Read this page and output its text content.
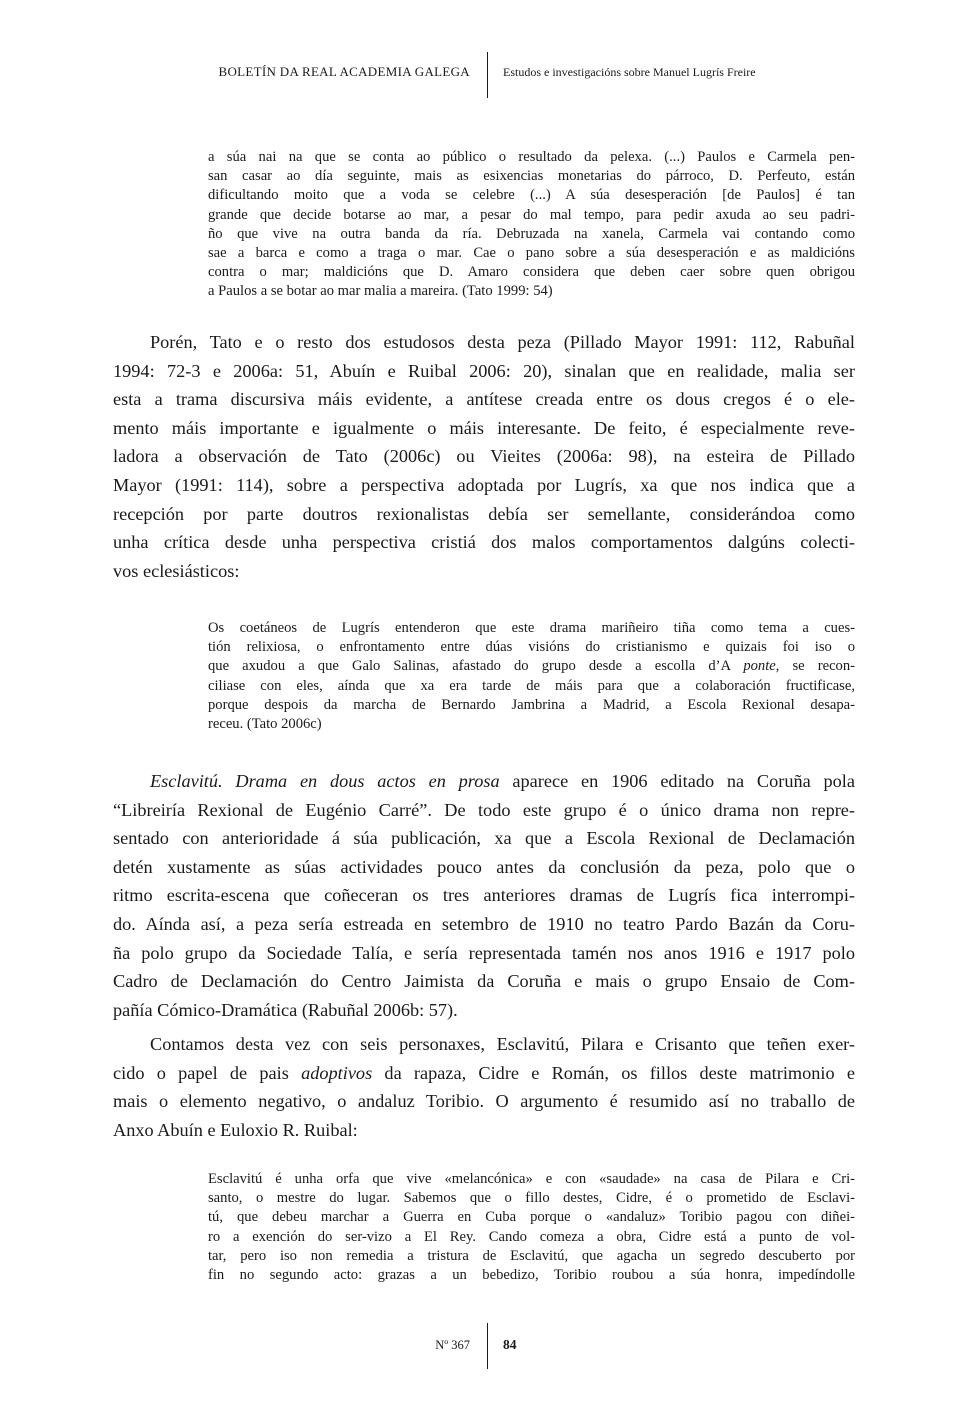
BOLETÍN DA REAL ACADEMIA GALEGA	Estudos e investigacións sobre Manuel Lugrís Freire
a súa nai na que se conta ao público o resultado da pelexa. (...) Paulos e Carmela pen-
san casar ao día seguinte, mais as esixencias monetarias do párroco, D. Perfeuto, están
dificultando moito que a voda se celebre (...) A súa desesperación [de Paulos] é tan
grande que decide botarse ao mar, a pesar do mal tempo, para pedir axuda ao seu padri-
ño que vive na outra banda da ría. Debruzada na xanela, Carmela vai contando como
sae a barca e como a traga o mar. Cae o pano sobre a súa desesperación e as maldicións
contra o mar; maldicións que D. Amaro considera que deben caer sobre quen obrigou
a Paulos a se botar ao mar malia a mareira. (Tato 1999: 54)
Porén, Tato e o resto dos estudosos desta peza (Pillado Mayor 1991: 112, Rabuñal
1994: 72-3 e 2006a: 51, Abuín e Ruibal 2006: 20), sinalan que en realidade, malia ser
esta a trama discursiva máis evidente, a antítese creada entre os dous cregos é o ele-
mento máis importante e igualmente o máis interesante. De feito, é especialmente reve-
ladora a observación de Tato (2006c) ou Vieites (2006a: 98), na esteira de Pillado
Mayor (1991: 114), sobre a perspectiva adoptada por Lugrís, xa que nos indica que a
recepción por parte doutros rexionalistas debía ser semellante, considerándoa como
unha crítica desde unha perspectiva cristiá dos malos comportamentos dalgúns colecti-
vos eclesiásticos:
Os coetáneos de Lugrís entenderon que este drama mariñeiro tiña como tema a cues-
tión relixiosa, o enfrontamento entre dúas visións do cristianismo e quizais foi iso o
que axudou a que Galo Salinas, afastado do grupo desde a escolla d’A ponte, se recon-
ciliase con eles, aínda que xa era tarde de máis para que a colaboración fructificase,
porque despois da marcha de Bernardo Jambrina a Madrid, a Escola Rexional desapa-
receu. (Tato 2006c)
Esclavitú. Drama en dous actos en prosa aparece en 1906 editado na Coruña pola
“Libreiría Rexional de Eugénio Carré”. De todo este grupo é o único drama non repre-
sentado con anterioridade á súa publicación, xa que a Escola Rexional de Declamación
detén xustamente as súas actividades pouco antes da conclusión da peza, polo que o
ritmo escrita-escena que coñeceran os tres anteriores dramas de Lugrís fica interrompi-
do. Aínda así, a peza sería estreada en setembro de 1910 no teatro Pardo Bazán da Coru-
ña polo grupo da Sociedade Talía, e sería representada tamén nos anos 1916 e 1917 polo
Cadro de Declamación do Centro Jaimista da Coruña e mais o grupo Ensaio de Com-
pañía Cómico-Dramática (Rabuñal 2006b: 57).
Contamos desta vez con seis personaxes, Esclavitú, Pilara e Crisanto que teñen exer-
cido o papel de pais adoptivos da rapaza, Cidre e Román, os fillos deste matrimonio e
mais o elemento negativo, o andaluz Toribio. O argumento é resumido así no traballo de
Anxo Abuín e Euloxio R. Ruibal:
Esclavitú é unha orfa que vive «melancónica» e con «saudade» na casa de Pilara e Cri-
santo, o mestre do lugar. Sabemos que o fillo destes, Cidre, é o prometido de Esclavi-
tú, que debeu marchar a Guerra en Cuba porque o «andaluz» Toribio pagou con diñei-
ro a exención do ser-vizo a El Rey. Cando comeza a obra, Cidre está a punto de vol-
tar, pero iso non remedia a tristura de Esclavitú, que agacha un segredo descuberto por
fin no segundo acto: grazas a un bebedizo, Toribio roubou a súa honra, impedíndolle
Nº 367 84
